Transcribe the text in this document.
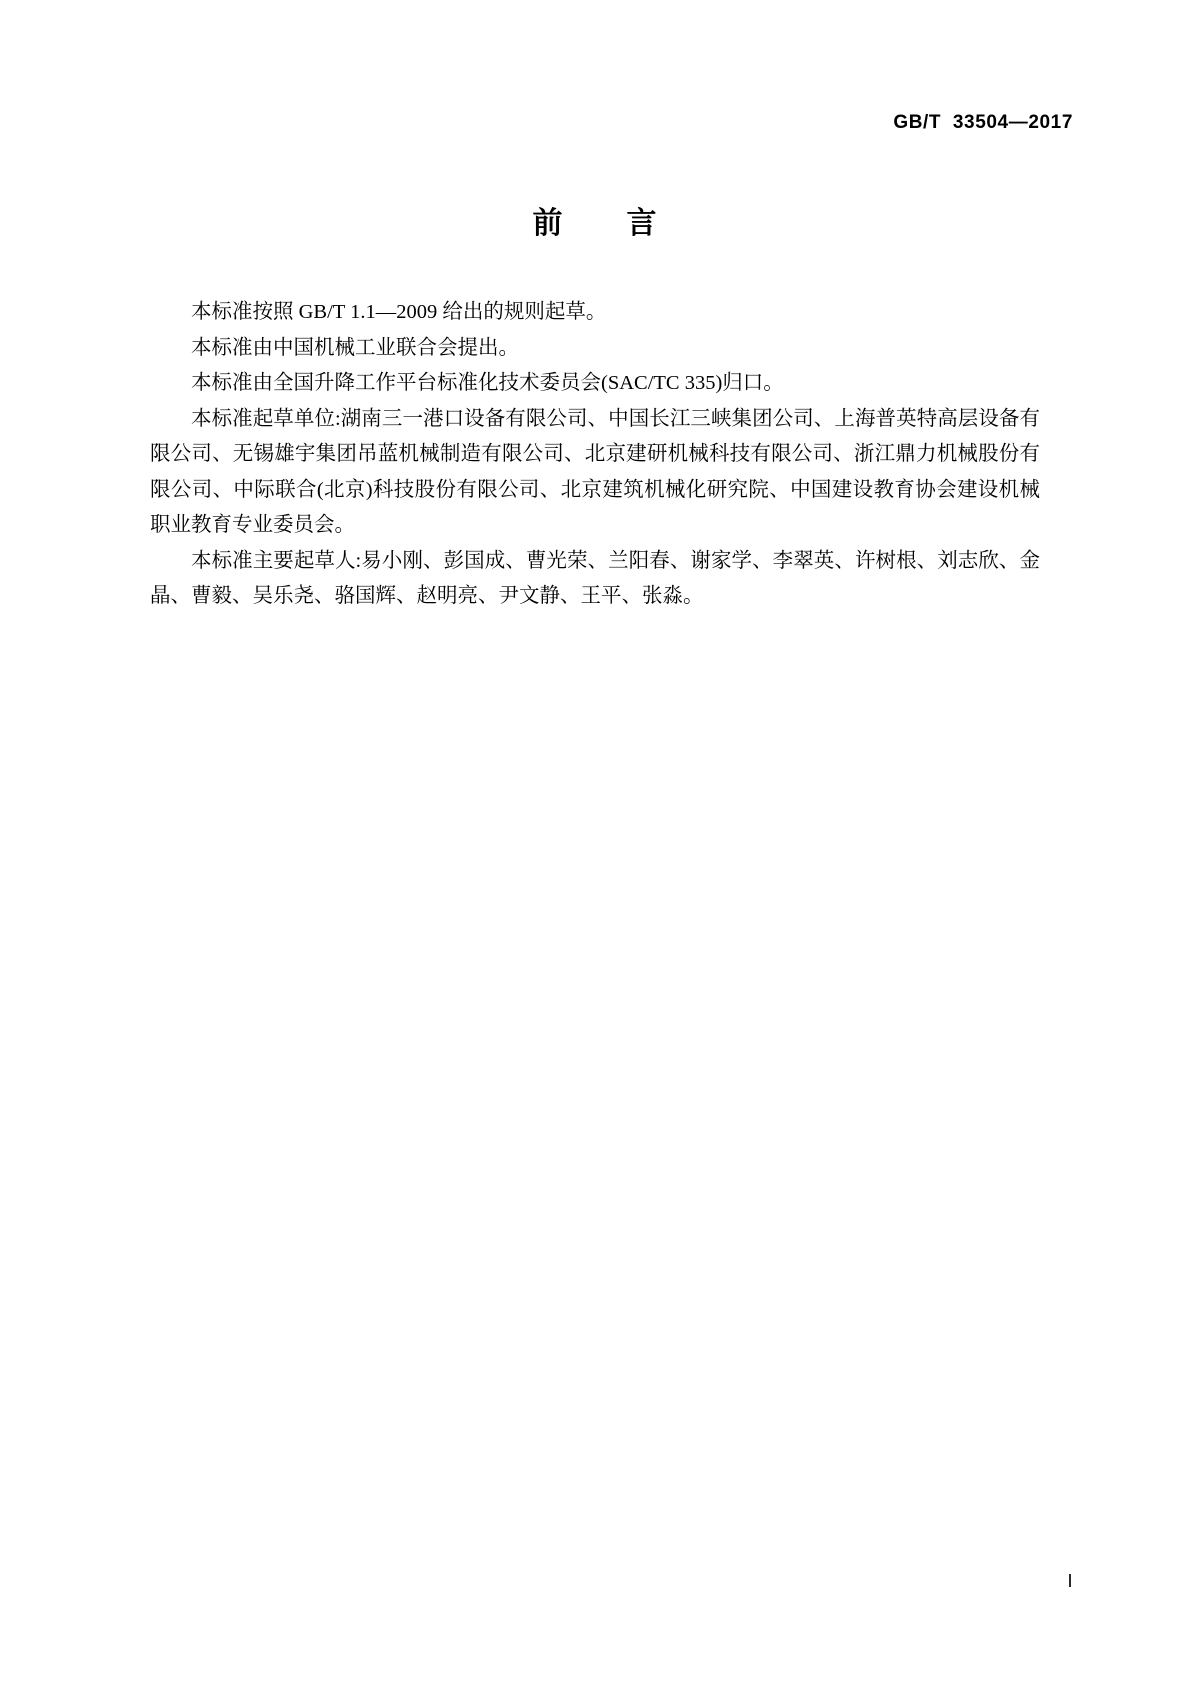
GB/T  33504—2017
前      言

本标准按照 GB/T 1.1—2009 给出的规则起草。

本标准由中国机械工业联合会提出。

本标准由全国升降工作平台标准化技术委员会(SAC/TC 335)归口。

本标准起草单位:湖南三一港口设备有限公司、中国长江三峡集团公司、上海普英特高层设备有限公司、无锡雄宇集团吊蓝机械制造有限公司、北京建研机械科技有限公司、浙江鼎力机械股份有限公司、中际联合(北京)科技股份有限公司、北京建筑机械化研究院、中国建设教育协会建设机械职业教育专业委员会。

本标准主要起草人:易小刚、彭国成、曹光荣、兰阳春、谢家学、李翠英、许树根、刘志欣、金晶、曹毅、吴乐尧、骆国辉、赵明亮、尹文静、王平、张淼。

I
